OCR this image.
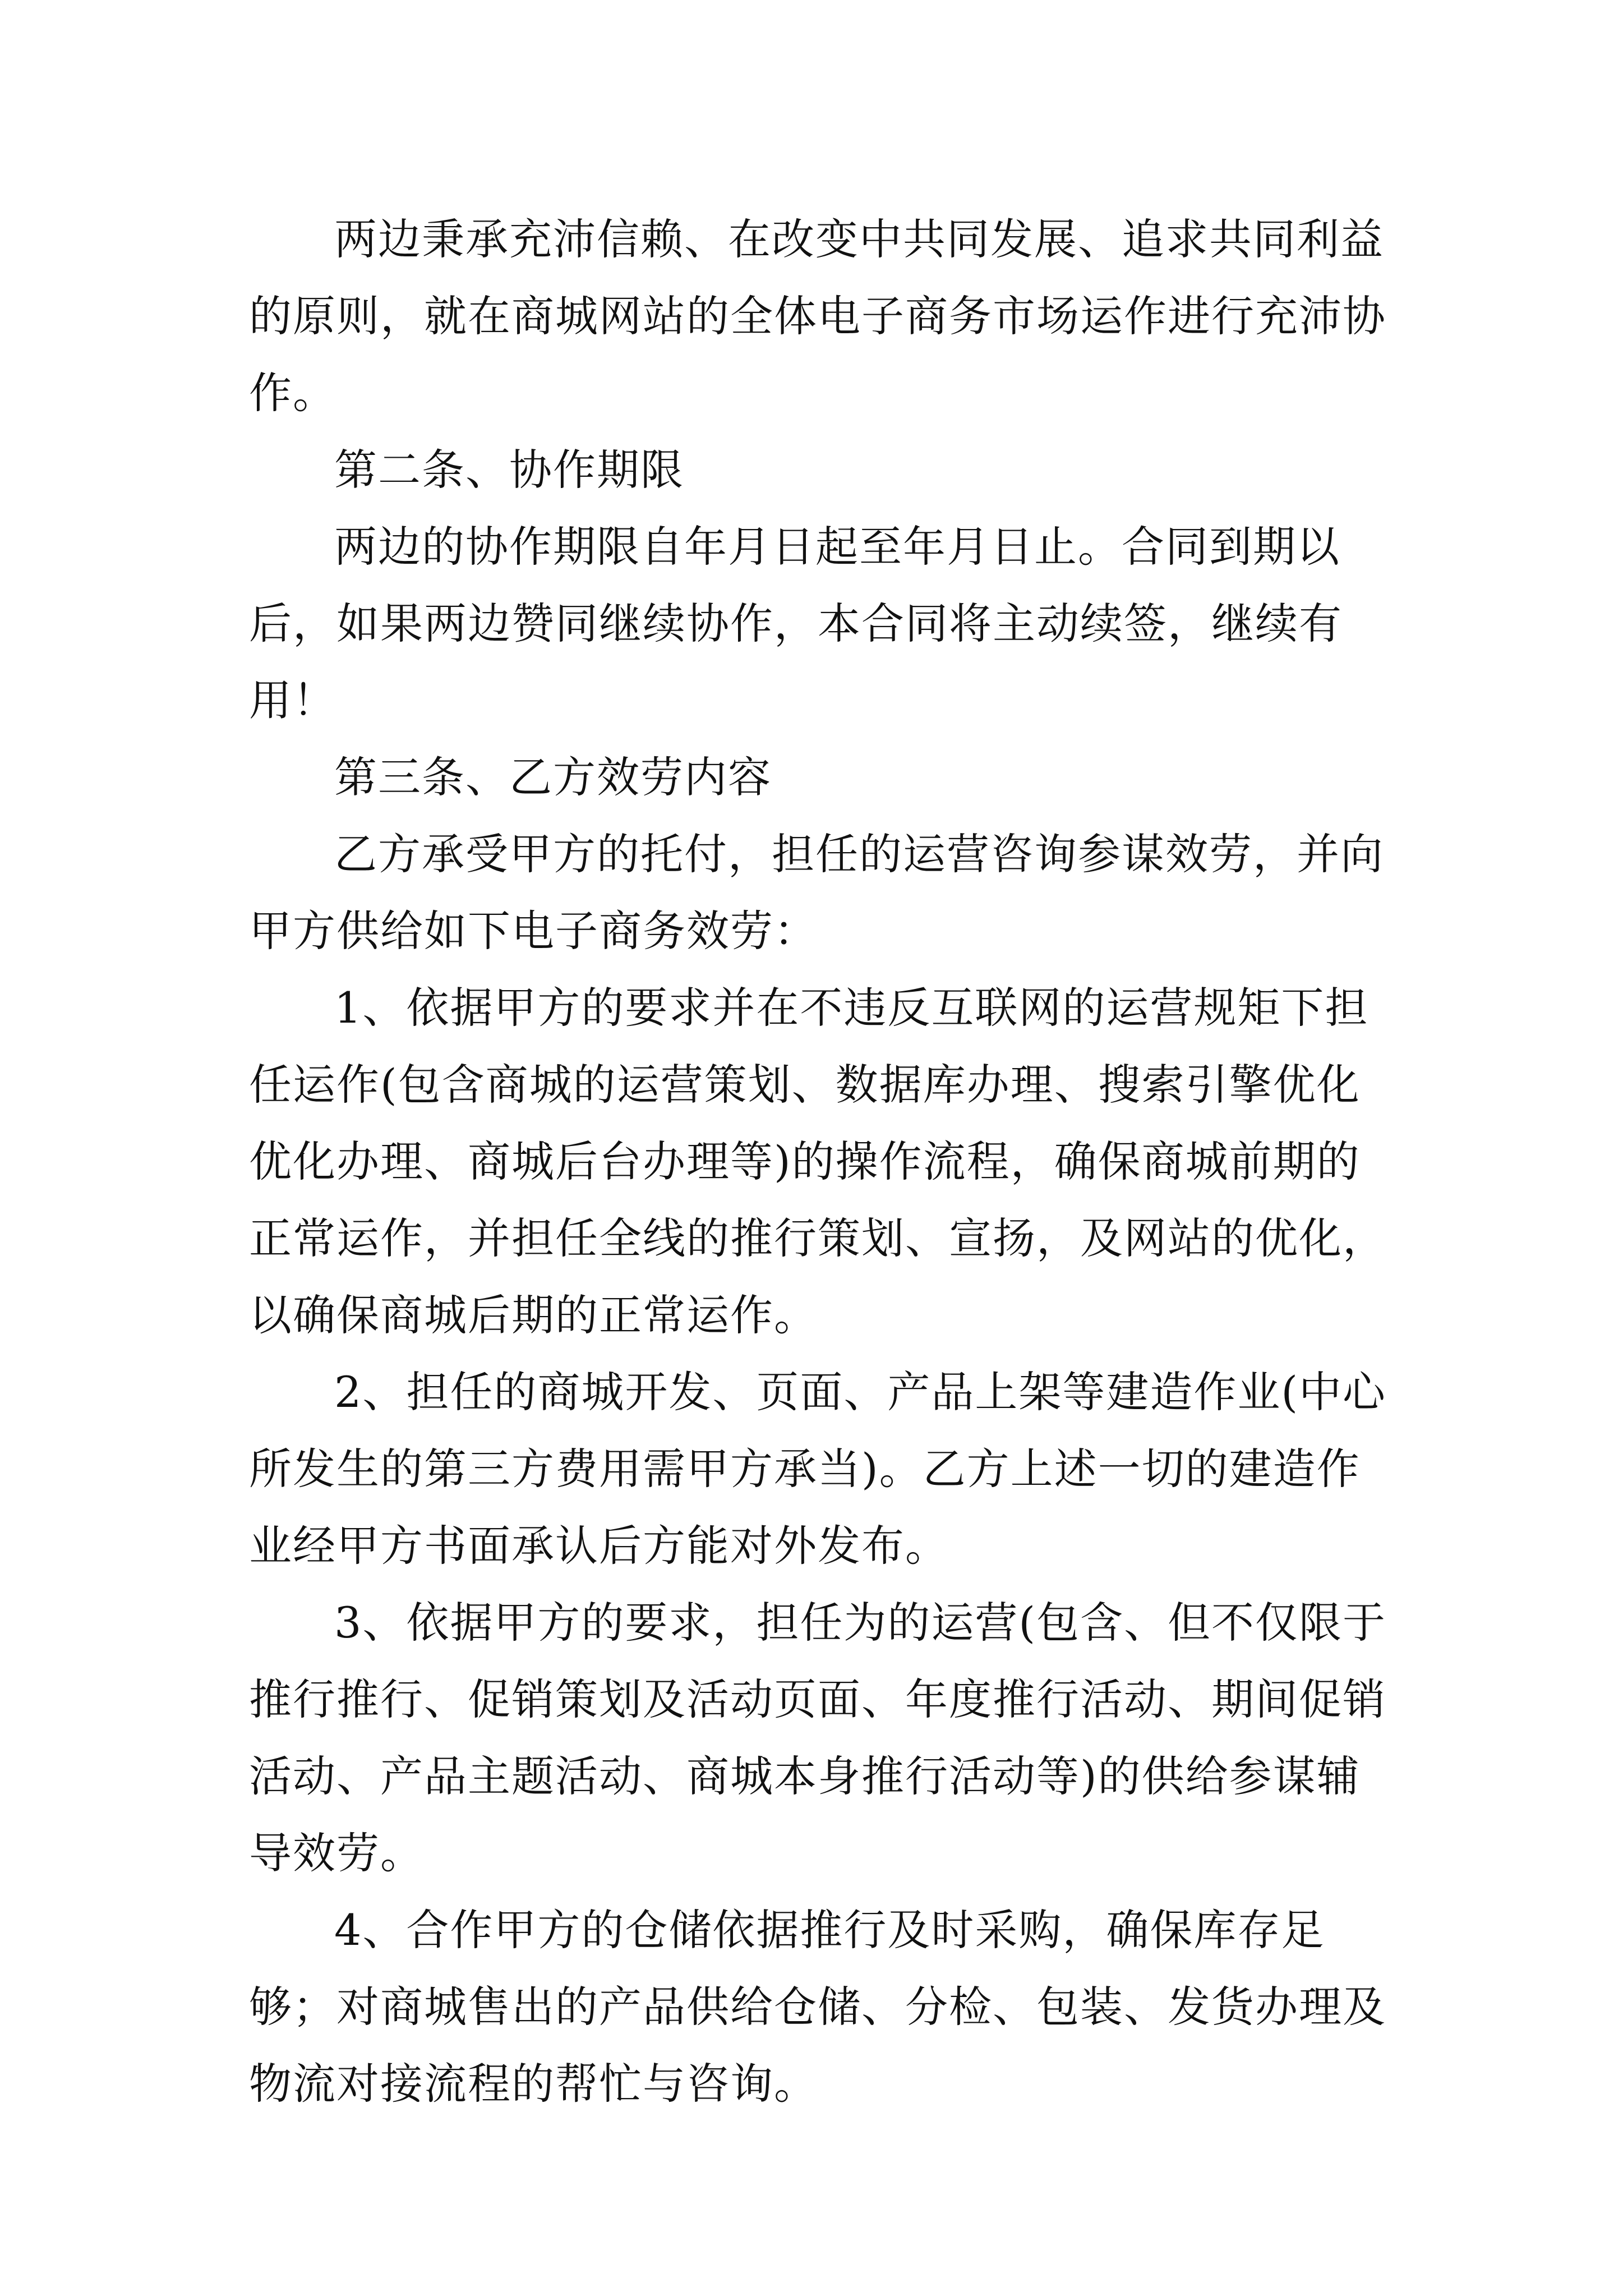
两边秉承充沛信赖、在改变中共同发展、追求共同利益的原则，就在商城网站的全体电子商务市场运作进行充沛协作。

第二条、协作期限

两边的协作期限自年月日起至年月日止。合同到期以后，如果两边赞同继续协作，本合同将主动续签，继续有用！

第三条、乙方效劳内容

乙方承受甲方的托付，担任的运营咨询参谋效劳，并向甲方供给如下电子商务效劳：

1、依据甲方的要求并在不违反互联网的运营规矩下担任运作(包含商城的运营策划、数据库办理、搜索引擎优化优化办理、商城后台办理等)的操作流程，确保商城前期的正常运作，并担任全线的推行策划、宣扬，及网站的优化，以确保商城后期的正常运作。

2、担任的商城开发、页面、产品上架等建造作业(中心所发生的第三方费用需甲方承当)。乙方上述一切的建造作业经甲方书面承认后方能对外发布。

3、依据甲方的要求，担任为的运营(包含、但不仅限于推行推行、促销策划及活动页面、年度推行活动、期间促销活动、产品主题活动、商城本身推行活动等)的供给参谋辅导效劳。

4、合作甲方的仓储依据推行及时采购，确保库存足够；对商城售出的产品供给仓储、分检、包装、发货办理及物流对接流程的帮忙与咨询。
